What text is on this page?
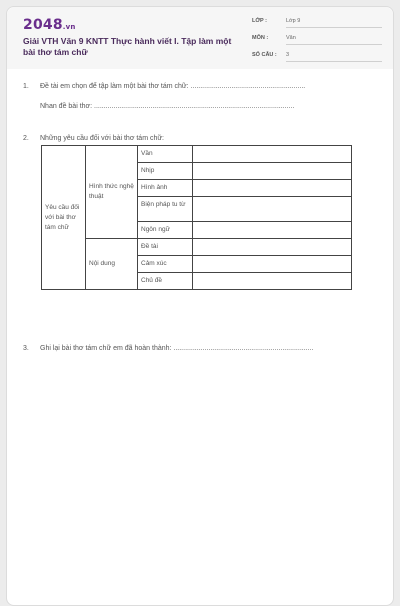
2048.vn
Giải VTH Văn 9 KNTT Thực hành viết I. Tập làm một bài thơ tám chữ
LỚP :	Lớp 9
MÔN :	Văn
SỐ CÂU : 3
1. Đề tài em chọn để tập làm một bài thơ tám chữ: ...........................................................
Nhan đề bài thơ: .......................................................................................................
2. Những yêu cầu đối với bài thơ tám chữ:
Yêu cầu đối với bài thơ tám chữ	Hình thức nghệ thuật	Vần	
		Nhịp	
		Hình ảnh	
		Biện pháp tu từ	
		Ngôn ngữ	
	Nội dung	Đề tài	
		Cảm xúc	
		Chủ đề	
3. Ghi lại bài thơ tám chữ em đã hoàn thành: ........................................................................
